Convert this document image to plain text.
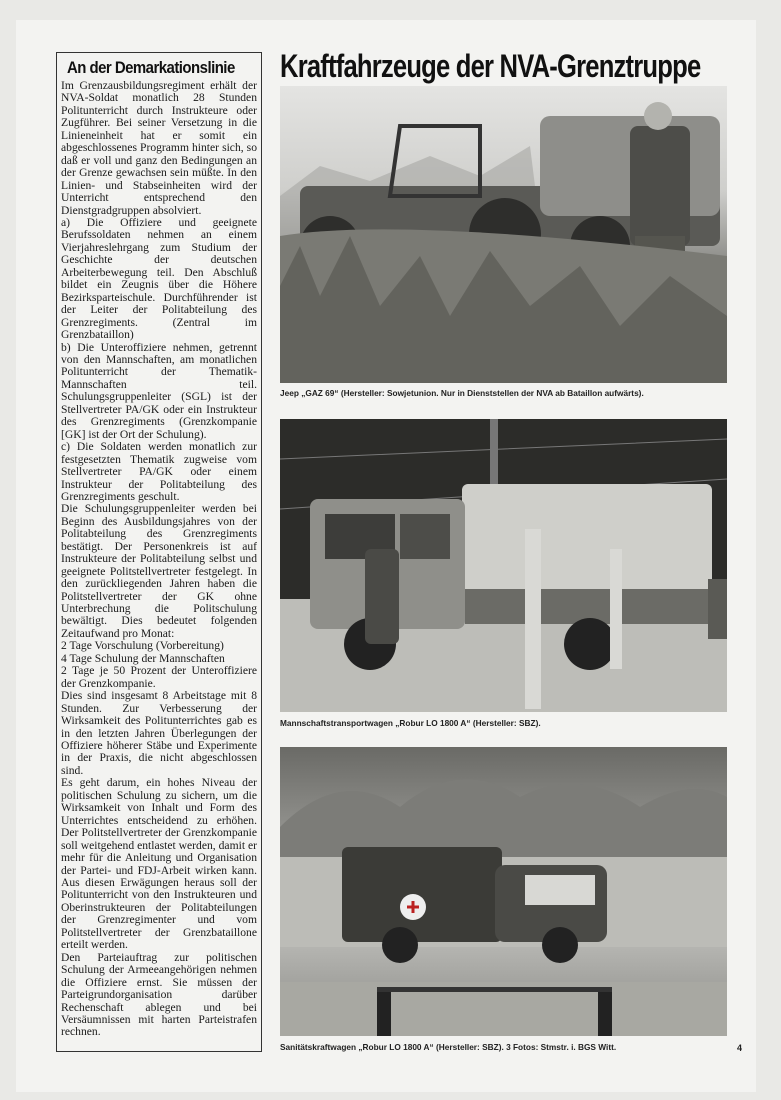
An der Demarkationslinie

Im Grenzausbildungsregiment erhält der NVA-Soldat monatlich 28 Stunden Politunterricht durch Instrukteure oder Zugführer. Bei seiner Versetzung in die Linieneinheit hat er somit ein abgeschlossenes Programm hinter sich, so daß er voll und ganz den Bedingungen an der Grenze gewachsen sein müßte. In den Linien- und Stabseinheiten wird der Unterricht entsprechend den Dienstgradgruppen absolviert.

a) Die Offiziere und geeignete Berufssoldaten nehmen an einem Vierjahreslehrgang zum Studium der Geschichte der deutschen Arbeiterbewegung teil. Den Abschluß bildet ein Zeugnis über die Höhere Bezirksparteischule. Durchführender ist der Leiter der Politabteilung des Grenzregiments. (Zentral im Grenzbataillon)

b) Die Unteroffiziere nehmen, getrennt von den Mannschaften, am monatlichen Politunterricht der Thematik-Mannschaften teil. Schulungsgruppenleiter (SGL) ist der Stellvertreter PA/GK oder ein Instrukteur des Grenzregiments (Grenzkompanie [GK] ist der Ort der Schulung).

c) Die Soldaten werden monatlich zur festgesetzten Thematik zugweise vom Stellvertreter PA/GK oder einem Instrukteur der Politabteilung des Grenzregiments geschult.

Die Schulungsgruppenleiter werden bei Beginn des Ausbildungsjahres von der Politabteilung des Grenzregiments bestätigt. Der Personenkreis ist auf Instrukteure der Politabteilung selbst und geeignete Politstellvertreter festgelegt. In den zurückliegenden Jahren haben die Politstellvertreter der GK ohne Unterbrechung die Politschulung bewältigt. Dies bedeutet folgenden Zeitaufwand pro Monat:

2 Tage Vorschulung (Vorbereitung)

4 Tage Schulung der Mannschaften

2 Tage je 50 Prozent der Unteroffiziere der Grenzkompanie.

Dies sind insgesamt 8 Arbeitstage mit 8 Stunden. Zur Verbesserung der Wirksamkeit des Politunterrichtes gab es in den letzten Jahren Überlegungen der Offiziere höherer Stäbe und Experimente in der Praxis, die nicht abgeschlossen sind.

Es geht darum, ein hohes Niveau der politischen Schulung zu sichern, um die Wirksamkeit von Inhalt und Form des Unterrichtes entscheidend zu erhöhen. Der Politstellvertreter der Grenzkompanie soll weitgehend entlastet werden, damit er mehr für die Anleitung und Organisation der Partei- und FDJ-Arbeit wirken kann. Aus diesen Erwägungen heraus soll der Politunterricht von den Instrukteuren und Oberinstrukteuren der Politabteilungen der Grenzregimenter und vom Politstellvertreter der Grenzbataillone erteilt werden.

Den Parteiauftrag zur politischen Schulung der Armeeangehörigen nehmen die Offiziere ernst. Sie müssen der Parteigrundorganisation darüber Rechenschaft ablegen und bei Versäumnissen mit harten Parteistrafen rechnen.

Kraftfahrzeuge der NVA-Grenztruppe
Jeep „GAZ 69“ (Hersteller: Sowjetunion. Nur in Dienststellen der NVA ab Bataillon aufwärts).
Mannschaftstransportwagen „Robur LO 1800 A“ (Hersteller: SBZ).
Sanitätskraftwagen „Robur LO 1800 A“ (Hersteller: SBZ). 3 Fotos: Stmstr. i. BGS Witt.	4
